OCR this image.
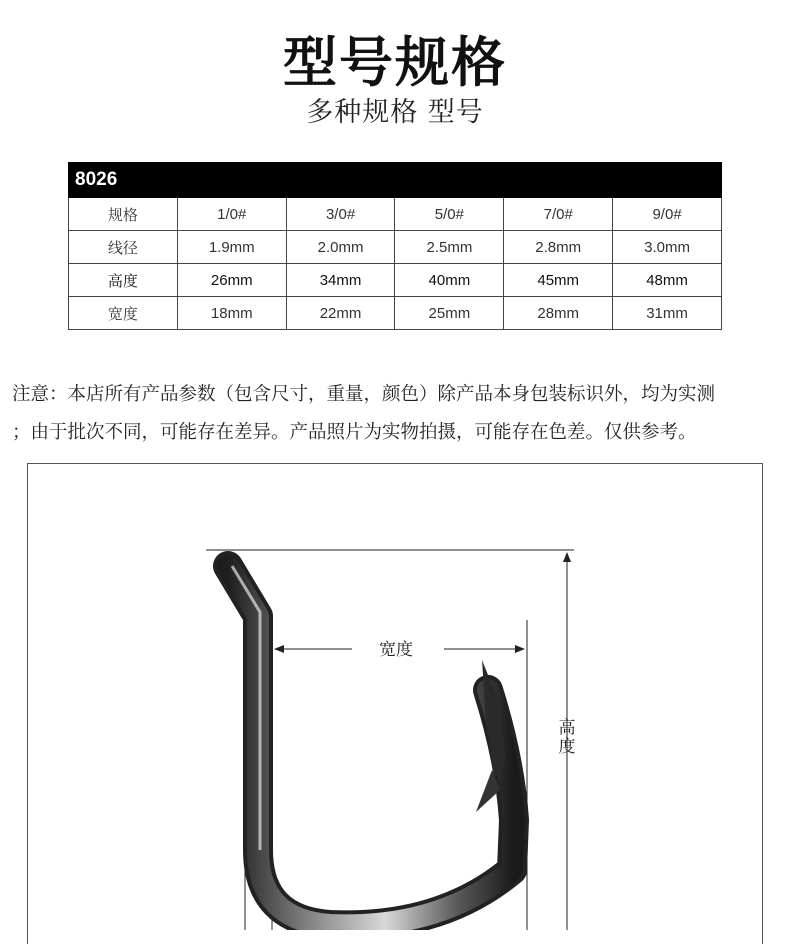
型号规格
多种规格 型号
8026					
规格	1/0#	3/0#	5/0#	7/0#	9/0#
线径	1.9mm	2.0mm	2.5mm	2.8mm	3.0mm
高度	26mm	34mm	40mm	45mm	48mm
宽度	18mm	22mm	25mm	28mm	31mm
注意：本店所有产品参数（包含尺寸，重量，颜色）除产品本身包装标识外，均为实测
；由于批次不同，可能存在差异。产品照片为实物拍摄，可能存在色差。仅供参考。
宽度
高
度
